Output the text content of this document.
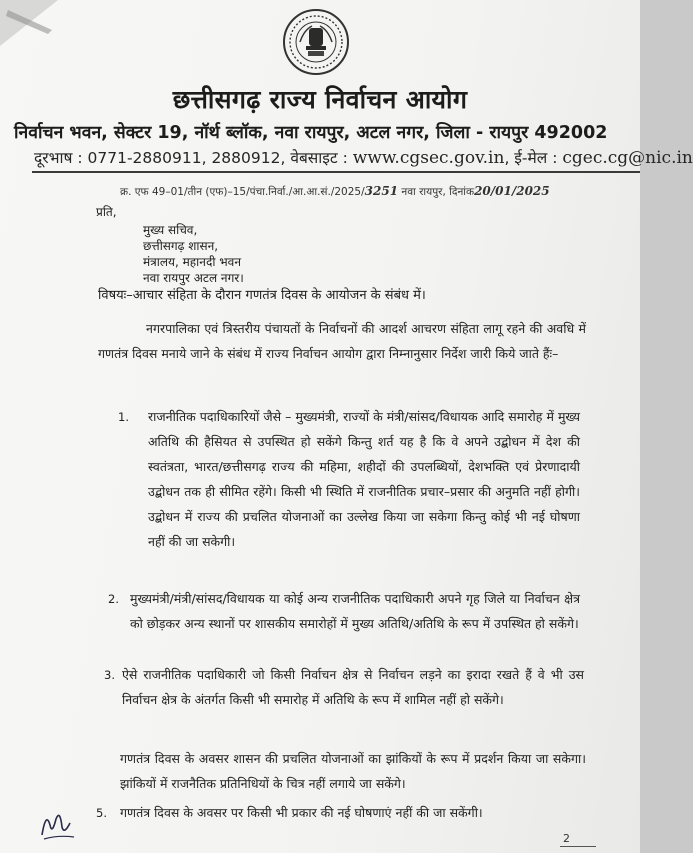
छत्तीसगढ़ राज्य निर्वाचन आयोग
निर्वाचन भवन, सेक्टर 19, नॉर्थ ब्लॉक, नवा रायपुर, अटल नगर, जिला - रायपुर 492002
दूरभाष : 0771-2880911, 2880912, वेबसाइट : www.cgsec.gov.in, ई-मेल : cgec.cg@nic.in
क्र. एफ 49–01/तीन (एफ)–15/पंचा.निर्वा./आ.आ.सं./2025/3251 नवा रायपुर, दिनांक20/01/2025
प्रति,
मुख्य सचिव,
छत्तीसगढ़ शासन,
मंत्रालय, महानदी भवन
नवा रायपुर अटल नगर।
विषयः–आचार संहिता के दौरान गणतंत्र दिवस के आयोजन के संबंध में।
नगरपालिका एवं त्रिस्तरीय पंचायतों के निर्वाचनों की आदर्श आचरण संहिता लागू रहने की अवधि में गणतंत्र दिवस मनाये जाने के संबंध में राज्य निर्वाचन आयोग द्वारा निम्नानुसार निर्देश जारी किये जाते हैंः–
1. राजनीतिक पदाधिकारियों जैसे – मुख्यमंत्री, राज्यों के मंत्री/सांसद/विधायक आदि समारोह में मुख्य अतिथि की हैसियत से उपस्थित हो सकेंगे किन्तु शर्त यह है कि वे अपने उद्बोधन में देश की स्वतंत्रता, भारत/छत्तीसगढ़ राज्य की महिमा, शहीदों की उपलब्धियों, देशभक्ति एवं प्रेरणादायी उद्बोधन तक ही सीमित रहेंगे। किसी भी स्थिति में राजनीतिक प्रचार–प्रसार की अनुमति नहीं होगी। उद्बोधन में राज्य की प्रचलित योजनाओं का उल्लेख किया जा सकेगा किन्तु कोई भी नई घोषणा नहीं की जा सकेगी।
2. मुख्यमंत्री/मंत्री/सांसद/विधायक या कोई अन्य राजनीतिक पदाधिकारी अपने गृह जिले या निर्वाचन क्षेत्र को छोड़कर अन्य स्थानों पर शासकीय समारोहों में मुख्य अतिथि/अतिथि के रूप में उपस्थित हो सकेंगे।
3. ऐसे राजनीतिक पदाधिकारी जो किसी निर्वाचन क्षेत्र से निर्वाचन लड़ने का इरादा रखते हैं वे भी उस निर्वाचन क्षेत्र के अंतर्गत किसी भी समारोह में अतिथि के रूप में शामिल नहीं हो सकेंगे।
गणतंत्र दिवस के अवसर शासन की प्रचलित योजनाओं का झांकियों के रूप में प्रदर्शन किया जा सकेगा। झांकियों में राजनैतिक प्रतिनिधियों के चित्र नहीं लगाये जा सकेंगे।
5. गणतंत्र दिवस के अवसर पर किसी भी प्रकार की नई घोषणाएं नहीं की जा सकेंगी।
2
